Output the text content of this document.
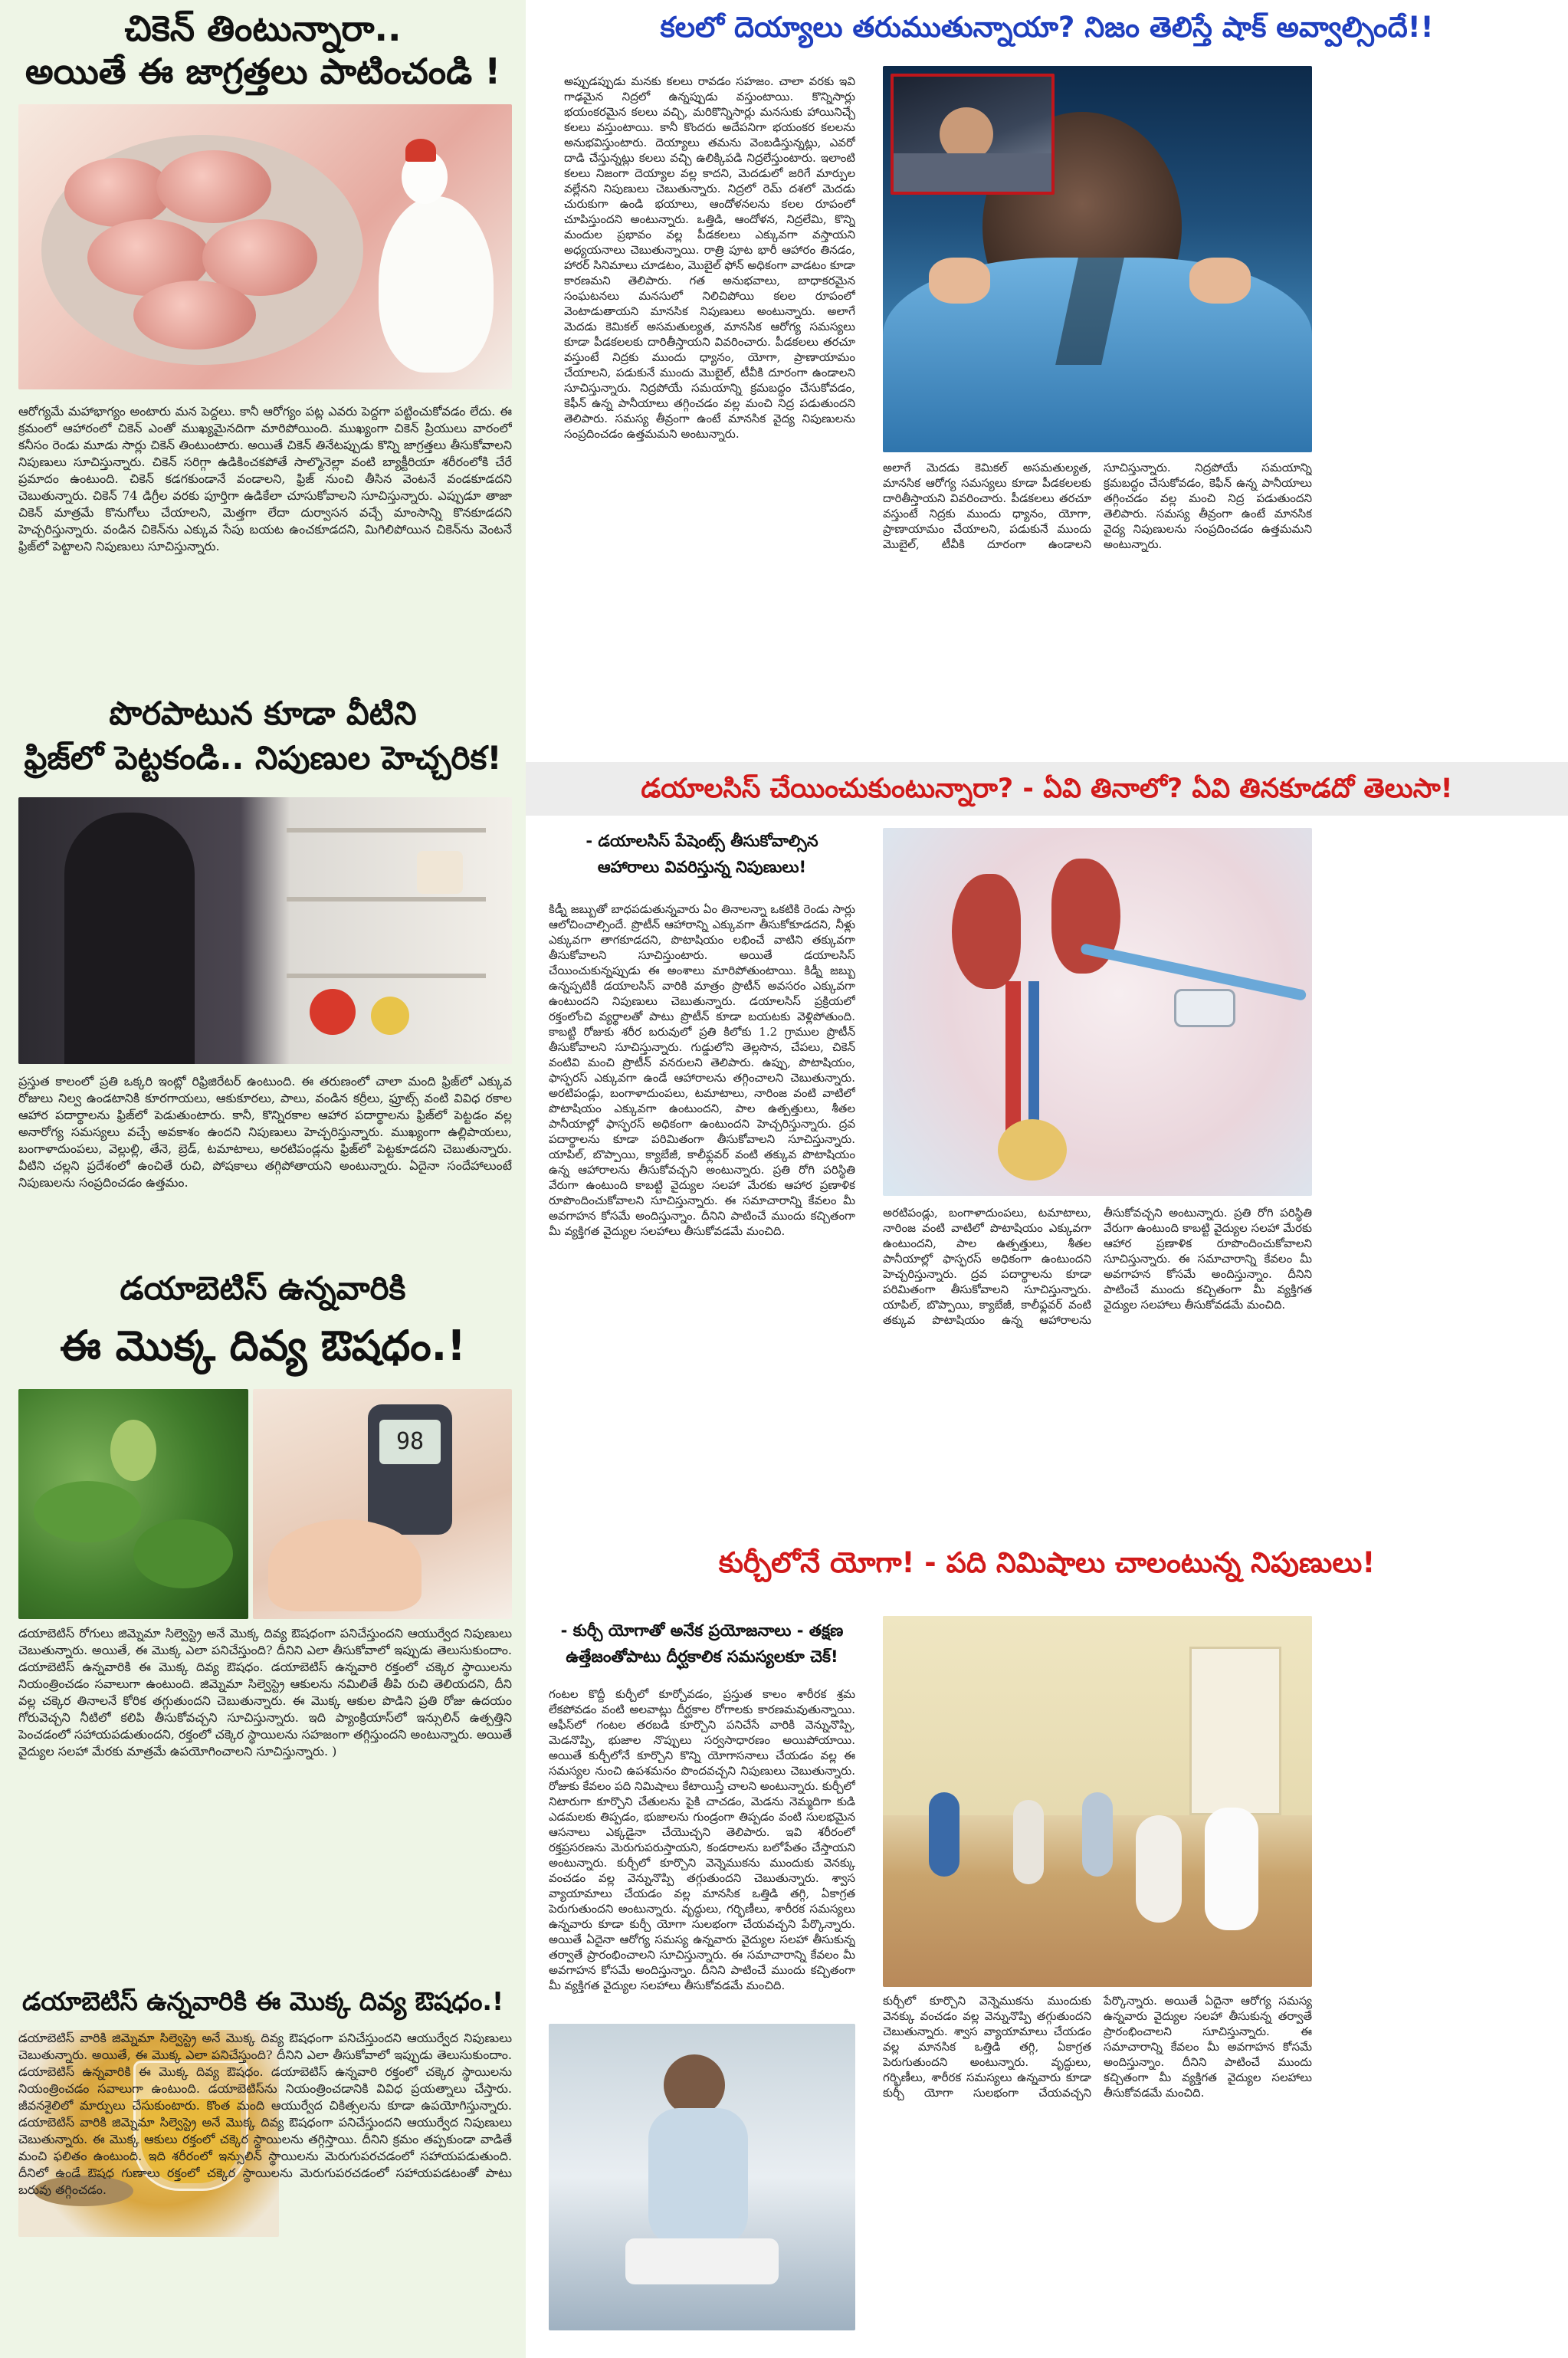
చికెన్ తింటున్నారా..
అయితే ఈ జాగ్రత్తలు పాటించండి !
ఆరోగ్యమే మహాభాగ్యం అంటారు మన పెద్దలు. కానీ ఆరోగ్యం పట్ల ఎవరు పెద్దగా పట్టించుకోవడం లేదు. ఈ క్రమంలో ఆహారంలో చికెన్ ఎంతో ముఖ్యమైనదిగా మారిపోయింది. ముఖ్యంగా చికెన్ ప్రియులు వారంలో కనీసం రెండు మూడు సార్లు చికెన్ తింటుంటారు. అయితే చికెన్ తినేటప్పుడు కొన్ని జాగ్రత్తలు తీసుకోవాలని నిపుణులు సూచిస్తున్నారు. చికెన్ సరిగ్గా ఉడికించకపోతే సాల్మొనెల్లా వంటి బ్యాక్టీరియా శరీరంలోకి చేరే ప్రమాదం ఉంటుంది. చికెన్ కడగకుండానే వండాలని, ఫ్రిజ్ నుంచి తీసిన వెంటనే వండకూడదని చెబుతున్నారు. చికెన్ 74 డిగ్రీల వరకు పూర్తిగా ఉడికేలా చూసుకోవాలని సూచిస్తున్నారు. ఎప్పుడూ తాజా చికెన్ మాత్రమే కొనుగోలు చేయాలని, మెత్తగా లేదా దుర్వాసన వచ్చే మాంసాన్ని కొనకూడదని హెచ్చరిస్తున్నారు. వండిన చికెన్‌ను ఎక్కువ సేపు బయట ఉంచకూడదని, మిగిలిపోయిన చికెన్‌ను వెంటనే ఫ్రిజ్‌లో పెట్టాలని నిపుణులు సూచిస్తున్నారు.
పొరపాటున కూడా వీటిని
ఫ్రిజ్‌లో పెట్టకండి.. నిపుణుల హెచ్చరిక!
ప్రస్తుత కాలంలో ప్రతి ఒక్కరి ఇంట్లో రిఫ్రిజిరేటర్ ఉంటుంది. ఈ తరుణంలో చాలా మంది ఫ్రిజ్‌లో ఎక్కువ రోజులు నిల్వ ఉండటానికి కూరగాయలు, ఆకుకూరలు, పాలు, వండిన కర్రీలు, ఫ్రూట్స్ వంటి వివిధ రకాల ఆహార పదార్థాలను ఫ్రిజ్‌లో పెడుతుంటారు. కానీ, కొన్నిరకాల ఆహార పదార్థాలను ఫ్రిజ్‌లో పెట్టడం వల్ల అనారోగ్య సమస్యలు వచ్చే అవకాశం ఉందని నిపుణులు హెచ్చరిస్తున్నారు. ముఖ్యంగా ఉల్లిపాయలు, బంగాళాదుంపలు, వెల్లుల్లి, తేనె, బ్రెడ్, టమాటాలు, అరటిపండ్లను ఫ్రిజ్‌లో పెట్టకూడదని చెబుతున్నారు. వీటిని చల్లని ప్రదేశంలో ఉంచితే రుచి, పోషకాలు తగ్గిపోతాయని అంటున్నారు. ఏదైనా సందేహాలుంటే నిపుణులను సంప్రదించడం ఉత్తమం.
డయాబెటిస్ ఉన్నవారికి
ఈ మొక్క దివ్య ఔషధం.!
98
డయాబెటిస్ రోగులు జిమ్నెమా సిల్వెస్ట్రె అనే మొక్క దివ్య ఔషధంగా పనిచేస్తుందని ఆయుర్వేద నిపుణులు చెబుతున్నారు. అయితే, ఈ మొక్క ఎలా పనిచేస్తుంది? దీనిని ఎలా తీసుకోవాలో ఇప్పుడు తెలుసుకుందాం. డయాబెటిస్ ఉన్నవారికి ఈ మొక్క దివ్య ఔషధం. డయాబెటిస్ ఉన్నవారి రక్తంలో చక్కెర స్థాయిలను నియంత్రించడం సవాలుగా ఉంటుంది. జిమ్నెమా సిల్వెస్ట్రె ఆకులను నమిలితే తీపి రుచి తెలియదని, దీని వల్ల చక్కెర తినాలనే కోరిక తగ్గుతుందని చెబుతున్నారు. ఈ మొక్క ఆకుల పొడిని ప్రతి రోజు ఉదయం గోరువెచ్చని నీటిలో కలిపి తీసుకోవచ్చని సూచిస్తున్నారు. ఇది ప్యాంక్రియాస్‌లో ఇన్సులిన్ ఉత్పత్తిని పెంచడంలో సహాయపడుతుందని, రక్తంలో చక్కెర స్థాయిలను సహజంగా తగ్గిస్తుందని అంటున్నారు. అయితే వైద్యుల సలహా మేరకు మాత్రమే ఉపయోగించాలని సూచిస్తున్నారు. )
డయాబెటిస్ ఉన్నవారికి ఈ మొక్క దివ్య ఔషధం.!
డయాబెటిస్ వారికి జిమ్నెమా సిల్వెస్ట్రె అనే మొక్క దివ్య ఔషధంగా పనిచేస్తుందని ఆయుర్వేద నిపుణులు చెబుతున్నారు. అయితే, ఈ మొక్క ఎలా పనిచేస్తుంది? దీనిని ఎలా తీసుకోవాలో ఇప్పుడు తెలుసుకుందాం. డయాబెటిస్ ఉన్నవారికి ఈ మొక్క దివ్య ఔషధం. డయాబెటిస్ ఉన్నవారి రక్తంలో చక్కెర స్థాయిలను నియంత్రించడం సవాలుగా ఉంటుంది. డయాబెటిస్‌ను నియంత్రించడానికి వివిధ ప్రయత్నాలు చేస్తారు. జీవనశైలిలో మార్పులు చేసుకుంటారు. కొంత మంది ఆయుర్వేద చికిత్సలను కూడా ఉపయోగిస్తున్నారు. డయాబెటిస్ వారికి జిమ్నెమా సిల్వెస్ట్రె అనే మొక్క దివ్య ఔషధంగా పనిచేస్తుందని ఆయుర్వేద నిపుణులు చెబుతున్నారు. ఈ మొక్క ఆకులు రక్తంలో చక్కెర స్థాయిలను తగ్గిస్తాయి. దీనిని క్రమం తప్పకుండా వాడితే మంచి ఫలితం ఉంటుంది. ఇది శరీరంలో ఇన్సులిన్ స్థాయిలను మెరుగుపరచడంలో సహాయపడుతుంది. దీనిలో ఉండే ఔషధ గుణాలు రక్తంలో చక్కెర స్థాయిలను మెరుగుపరచడంలో సహాయపడటంతో పాటు బరువు తగ్గించడం.
కలలో దెయ్యాలు తరుముతున్నాయా? నిజం తెలిస్తే షాక్ అవ్వాల్సిందే!!
అప్పుడప్పుడు మనకు కలలు రావడం సహజం. చాలా వరకు ఇవి గాఢమైన నిద్రలో ఉన్నప్పుడు వస్తుంటాయి. కొన్నిసార్లు భయంకరమైన కలలు వచ్చి, మరికొన్నిసార్లు మనసుకు హాయినిచ్చే కలలు వస్తుంటాయి. కానీ కొందరు అదేపనిగా భయంకర కలలను అనుభవిస్తుంటారు. దెయ్యాలు తమను వెంబడిస్తున్నట్లు, ఎవరో దాడి చేస్తున్నట్లు కలలు వచ్చి ఉలిక్కిపడి నిద్రలేస్తుంటారు. ఇలాంటి కలలు నిజంగా దెయ్యాల వల్ల కాదని, మెదడులో జరిగే మార్పుల వల్లేనని నిపుణులు చెబుతున్నారు. నిద్రలో రెమ్ దశలో మెదడు చురుకుగా ఉండి భయాలు, ఆందోళనలను కలల రూపంలో చూపిస్తుందని అంటున్నారు. ఒత్తిడి, ఆందోళన, నిద్రలేమి, కొన్ని మందుల ప్రభావం వల్ల పీడకలలు ఎక్కువగా వస్తాయని అధ్యయనాలు చెబుతున్నాయి. రాత్రి పూట భారీ ఆహారం తినడం, హారర్ సినిమాలు చూడటం, మొబైల్ ఫోన్ అధికంగా వాడటం కూడా కారణమని తెలిపారు. గత అనుభవాలు, బాధాకరమైన సంఘటనలు మనసులో నిలిచిపోయి కలల రూపంలో వెంటాడుతాయని మానసిక నిపుణులు అంటున్నారు. అలాగే మెదడు కెమికల్ అసమతుల్యత, మానసిక ఆరోగ్య సమస్యలు కూడా పీడకలలకు దారితీస్తాయని వివరించారు. పీడకలలు తరచూ వస్తుంటే నిద్రకు ముందు ధ్యానం, యోగా, ప్రాణాయామం చేయాలని, పడుకునే ముందు మొబైల్, టీవీకి దూరంగా ఉండాలని సూచిస్తున్నారు. నిద్రపోయే సమయాన్ని క్రమబద్ధం చేసుకోవడం, కెఫీన్ ఉన్న పానీయాలు తగ్గించడం వల్ల మంచి నిద్ర పడుతుందని తెలిపారు. సమస్య తీవ్రంగా ఉంటే మానసిక వైద్య నిపుణులను సంప్రదించడం ఉత్తమమని అంటున్నారు.
అలాగే మెదడు కెమికల్ అసమతుల్యత, మానసిక ఆరోగ్య సమస్యలు కూడా పీడకలలకు దారితీస్తాయని వివరించారు. పీడకలలు తరచూ వస్తుంటే నిద్రకు ముందు ధ్యానం, యోగా, ప్రాణాయామం చేయాలని, పడుకునే ముందు మొబైల్, టీవీకి దూరంగా ఉండాలని సూచిస్తున్నారు. నిద్రపోయే సమయాన్ని క్రమబద్ధం చేసుకోవడం, కెఫీన్ ఉన్న పానీయాలు తగ్గించడం వల్ల మంచి నిద్ర పడుతుందని తెలిపారు. సమస్య తీవ్రంగా ఉంటే మానసిక వైద్య నిపుణులను సంప్రదించడం ఉత్తమమని అంటున్నారు.
డయాలసిస్ చేయించుకుంటున్నారా? - ఏవి తినాలో? ఏవి తినకూడదో తెలుసా!
- డయాలసిస్ పేషెంట్స్ తీసుకోవాల్సిన
ఆహారాలు వివరిస్తున్న నిపుణులు!
కిడ్నీ జబ్బుతో బాధపడుతున్నవారు ఏం తినాలన్నా ఒకటికి రెండు సార్లు ఆలోచించాల్సిందే. ప్రొటీన్ ఆహారాన్ని ఎక్కువగా తీసుకోకూడదని, నీళ్లు ఎక్కువగా తాగకూడదని, పొటాషియం లభించే వాటిని తక్కువగా తీసుకోవాలని సూచిస్తుంటారు. అయితే డయాలసిస్ చేయించుకున్నప్పుడు ఈ అంశాలు మారిపోతుంటాయి. కిడ్నీ జబ్బు ఉన్నప్పటికీ డయాలసిస్ వారికి మాత్రం ప్రొటీన్ అవసరం ఎక్కువగా ఉంటుందని నిపుణులు చెబుతున్నారు. డయాలసిస్ ప్రక్రియలో రక్తంలోంచి వ్యర్థాలతో పాటు ప్రొటీన్ కూడా బయటకు వెళ్లిపోతుంది. కాబట్టి రోజుకు శరీర బరువులో ప్రతి కిలోకు 1.2 గ్రాముల ప్రొటీన్ తీసుకోవాలని సూచిస్తున్నారు. గుడ్డులోని తెల్లసొన, చేపలు, చికెన్ వంటివి మంచి ప్రొటీన్ వనరులని తెలిపారు. ఉప్పు, పొటాషియం, ఫాస్ఫరస్ ఎక్కువగా ఉండే ఆహారాలను తగ్గించాలని చెబుతున్నారు. అరటిపండ్లు, బంగాళాదుంపలు, టమాటాలు, నారింజ వంటి వాటిలో పొటాషియం ఎక్కువగా ఉంటుందని, పాల ఉత్పత్తులు, శీతల పానీయాల్లో ఫాస్ఫరస్ అధికంగా ఉంటుందని హెచ్చరిస్తున్నారు. ద్రవ పదార్థాలను కూడా పరిమితంగా తీసుకోవాలని సూచిస్తున్నారు. యాపిల్, బొప్పాయి, క్యాబేజీ, కాలీఫ్లవర్ వంటి తక్కువ పొటాషియం ఉన్న ఆహారాలను తీసుకోవచ్చని అంటున్నారు. ప్రతి రోగి పరిస్థితి వేరుగా ఉంటుంది కాబట్టి వైద్యుల సలహా మేరకు ఆహార ప్రణాళిక రూపొందించుకోవాలని సూచిస్తున్నారు. ఈ సమాచారాన్ని కేవలం మీ అవగాహన కోసమే అందిస్తున్నాం. దీనిని పాటించే ముందు కచ్చితంగా మీ వ్యక్తిగత వైద్యుల సలహాలు తీసుకోవడమే మంచిది.
అరటిపండ్లు, బంగాళాదుంపలు, టమాటాలు, నారింజ వంటి వాటిలో పొటాషియం ఎక్కువగా ఉంటుందని, పాల ఉత్పత్తులు, శీతల పానీయాల్లో ఫాస్ఫరస్ అధికంగా ఉంటుందని హెచ్చరిస్తున్నారు. ద్రవ పదార్థాలను కూడా పరిమితంగా తీసుకోవాలని సూచిస్తున్నారు. యాపిల్, బొప్పాయి, క్యాబేజీ, కాలీఫ్లవర్ వంటి తక్కువ పొటాషియం ఉన్న ఆహారాలను తీసుకోవచ్చని అంటున్నారు. ప్రతి రోగి పరిస్థితి వేరుగా ఉంటుంది కాబట్టి వైద్యుల సలహా మేరకు ఆహార ప్రణాళిక రూపొందించుకోవాలని సూచిస్తున్నారు. ఈ సమాచారాన్ని కేవలం మీ అవగాహన కోసమే అందిస్తున్నాం. దీనిని పాటించే ముందు కచ్చితంగా మీ వ్యక్తిగత వైద్యుల సలహాలు తీసుకోవడమే మంచిది.
కుర్చీలోనే యోగా! - పది నిమిషాలు చాలంటున్న నిపుణులు!
- కుర్చీ యోగాతో అనేక ప్రయోజనాలు - తక్షణ
ఉత్తేజంతోపాటు దీర్ఘకాలిక సమస్యలకూ చెక్!
గంటల కొద్దీ కుర్చీలో కూర్చోవడం, ప్రస్తుత కాలం శారీరక శ్రమ లేకపోవడం వంటి అలవాట్లు దీర్ఘకాల రోగాలకు కారణమవుతున్నాయి. ఆఫీస్‌లో గంటల తరబడి కూర్చొని పనిచేసే వారికి వెన్నునొప్పి, మెడనొప్పి, భుజాల నొప్పులు సర్వసాధారణం అయిపోయాయి. అయితే కుర్చీలోనే కూర్చొని కొన్ని యోగాసనాలు చేయడం వల్ల ఈ సమస్యల నుంచి ఉపశమనం పొందవచ్చని నిపుణులు చెబుతున్నారు. రోజుకు కేవలం పది నిమిషాలు కేటాయిస్తే చాలని అంటున్నారు. కుర్చీలో నిటారుగా కూర్చొని చేతులను పైకి చాచడం, మెడను నెమ్మదిగా కుడి ఎడమలకు తిప్పడం, భుజాలను గుండ్రంగా తిప్పడం వంటి సులభమైన ఆసనాలు ఎక్కడైనా చేయొచ్చని తెలిపారు. ఇవి శరీరంలో రక్తప్రసరణను మెరుగుపరుస్తాయని, కండరాలను బలోపేతం చేస్తాయని అంటున్నారు. కుర్చీలో కూర్చొని వెన్నెముకను ముందుకు వెనక్కు వంచడం వల్ల వెన్నునొప్పి తగ్గుతుందని చెబుతున్నారు. శ్వాస వ్యాయామాలు చేయడం వల్ల మానసిక ఒత్తిడి తగ్గి, ఏకాగ్రత పెరుగుతుందని అంటున్నారు. వృద్ధులు, గర్భిణీలు, శారీరక సమస్యలు ఉన్నవారు కూడా కుర్చీ యోగా సులభంగా చేయవచ్చని పేర్కొన్నారు. అయితే ఏదైనా ఆరోగ్య సమస్య ఉన్నవారు వైద్యుల సలహా తీసుకున్న తర్వాతే ప్రారంభించాలని సూచిస్తున్నారు. ఈ సమాచారాన్ని కేవలం మీ అవగాహన కోసమే అందిస్తున్నాం. దీనిని పాటించే ముందు కచ్చితంగా మీ వ్యక్తిగత వైద్యుల సలహాలు తీసుకోవడమే మంచిది.
కుర్చీలో కూర్చొని వెన్నెముకను ముందుకు వెనక్కు వంచడం వల్ల వెన్నునొప్పి తగ్గుతుందని చెబుతున్నారు. శ్వాస వ్యాయామాలు చేయడం వల్ల మానసిక ఒత్తిడి తగ్గి, ఏకాగ్రత పెరుగుతుందని అంటున్నారు. వృద్ధులు, గర్భిణీలు, శారీరక సమస్యలు ఉన్నవారు కూడా కుర్చీ యోగా సులభంగా చేయవచ్చని పేర్కొన్నారు. అయితే ఏదైనా ఆరోగ్య సమస్య ఉన్నవారు వైద్యుల సలహా తీసుకున్న తర్వాతే ప్రారంభించాలని సూచిస్తున్నారు. ఈ సమాచారాన్ని కేవలం మీ అవగాహన కోసమే అందిస్తున్నాం. దీనిని పాటించే ముందు కచ్చితంగా మీ వ్యక్తిగత వైద్యుల సలహాలు తీసుకోవడమే మంచిది.
